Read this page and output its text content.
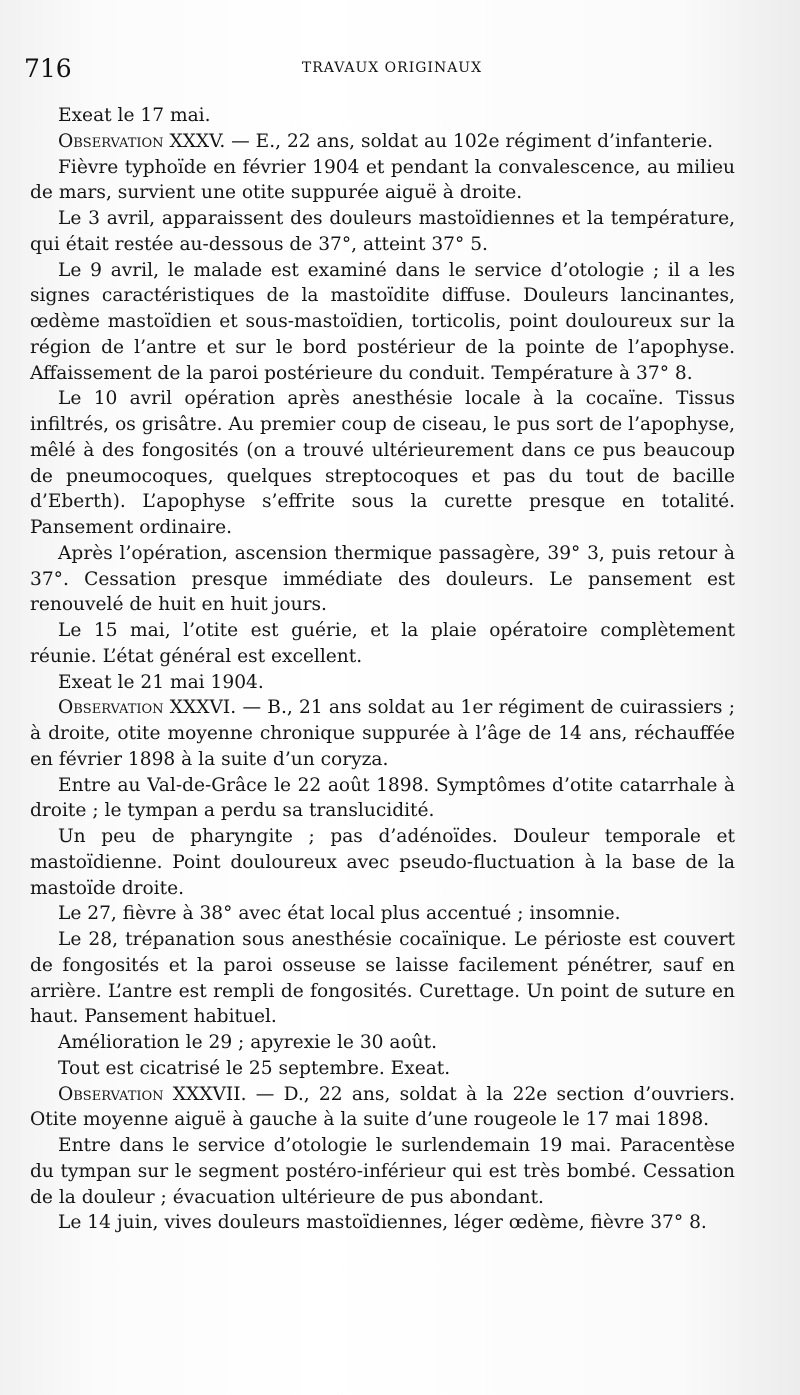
716	TRAVAUX ORIGINAUX

Exeat le 17 mai.

Observation XXXV. — E., 22 ans, soldat au 102e régiment d’infanterie.

Fièvre typhoïde en février 1904 et pendant la convalescence, au milieu de mars, survient une otite suppurée aiguë à droite.

Le 3 avril, apparaissent des douleurs mastoïdiennes et la température, qui était restée au-dessous de 37°, atteint 37° 5.

Le 9 avril, le malade est examiné dans le service d’otologie ; il a les signes caractéristiques de la mastoïdite diffuse. Douleurs lancinantes, œdème mastoïdien et sous-mastoïdien, torticolis, point douloureux sur la région de l’antre et sur le bord postérieur de la pointe de l’apophyse. Affaissement de la paroi postérieure du conduit. Température à 37° 8.

Le 10 avril opération après anesthésie locale à la cocaïne. Tissus infiltrés, os grisâtre. Au premier coup de ciseau, le pus sort de l’apophyse, mêlé à des fongosités (on a trouvé ultérieurement dans ce pus beaucoup de pneumocoques, quelques streptocoques et pas du tout de bacille d’Eberth). L’apophyse s’effrite sous la curette presque en totalité. Pansement ordinaire.

Après l’opération, ascension thermique passagère, 39° 3, puis retour à 37°. Cessation presque immédiate des douleurs. Le pansement est renouvelé de huit en huit jours.

Le 15 mai, l’otite est guérie, et la plaie opératoire complètement réunie. L’état général est excellent.

Exeat le 21 mai 1904.

Observation XXXVI. — B., 21 ans soldat au 1er régiment de cuirassiers ; à droite, otite moyenne chronique suppurée à l’âge de 14 ans, réchauffée en février 1898 à la suite d’un coryza.

Entre au Val-de-Grâce le 22 août 1898. Symptômes d’otite catarrhale à droite ; le tympan a perdu sa translucidité.

Un peu de pharyngite ; pas d’adénoïdes. Douleur temporale et mastoïdienne. Point douloureux avec pseudo-fluctuation à la base de la mastoïde droite.

Le 27, fièvre à 38° avec état local plus accentué ; insomnie.

Le 28, trépanation sous anesthésie cocaïnique. Le périoste est couvert de fongosités et la paroi osseuse se laisse facilement pénétrer, sauf en arrière. L’antre est rempli de fongosités. Curettage. Un point de suture en haut. Pansement habituel.

Amélioration le 29 ; apyrexie le 30 août.

Tout est cicatrisé le 25 septembre. Exeat.

Observation XXXVII. — D., 22 ans, soldat à la 22e section d’ouvriers. Otite moyenne aiguë à gauche à la suite d’une rougeole le 17 mai 1898.

Entre dans le service d’otologie le surlendemain 19 mai. Paracentèse du tympan sur le segment postéro-inférieur qui est très bombé. Cessation de la douleur ; évacuation ultérieure de pus abondant.

Le 14 juin, vives douleurs mastoïdiennes, léger œdème, fièvre 37° 8.
